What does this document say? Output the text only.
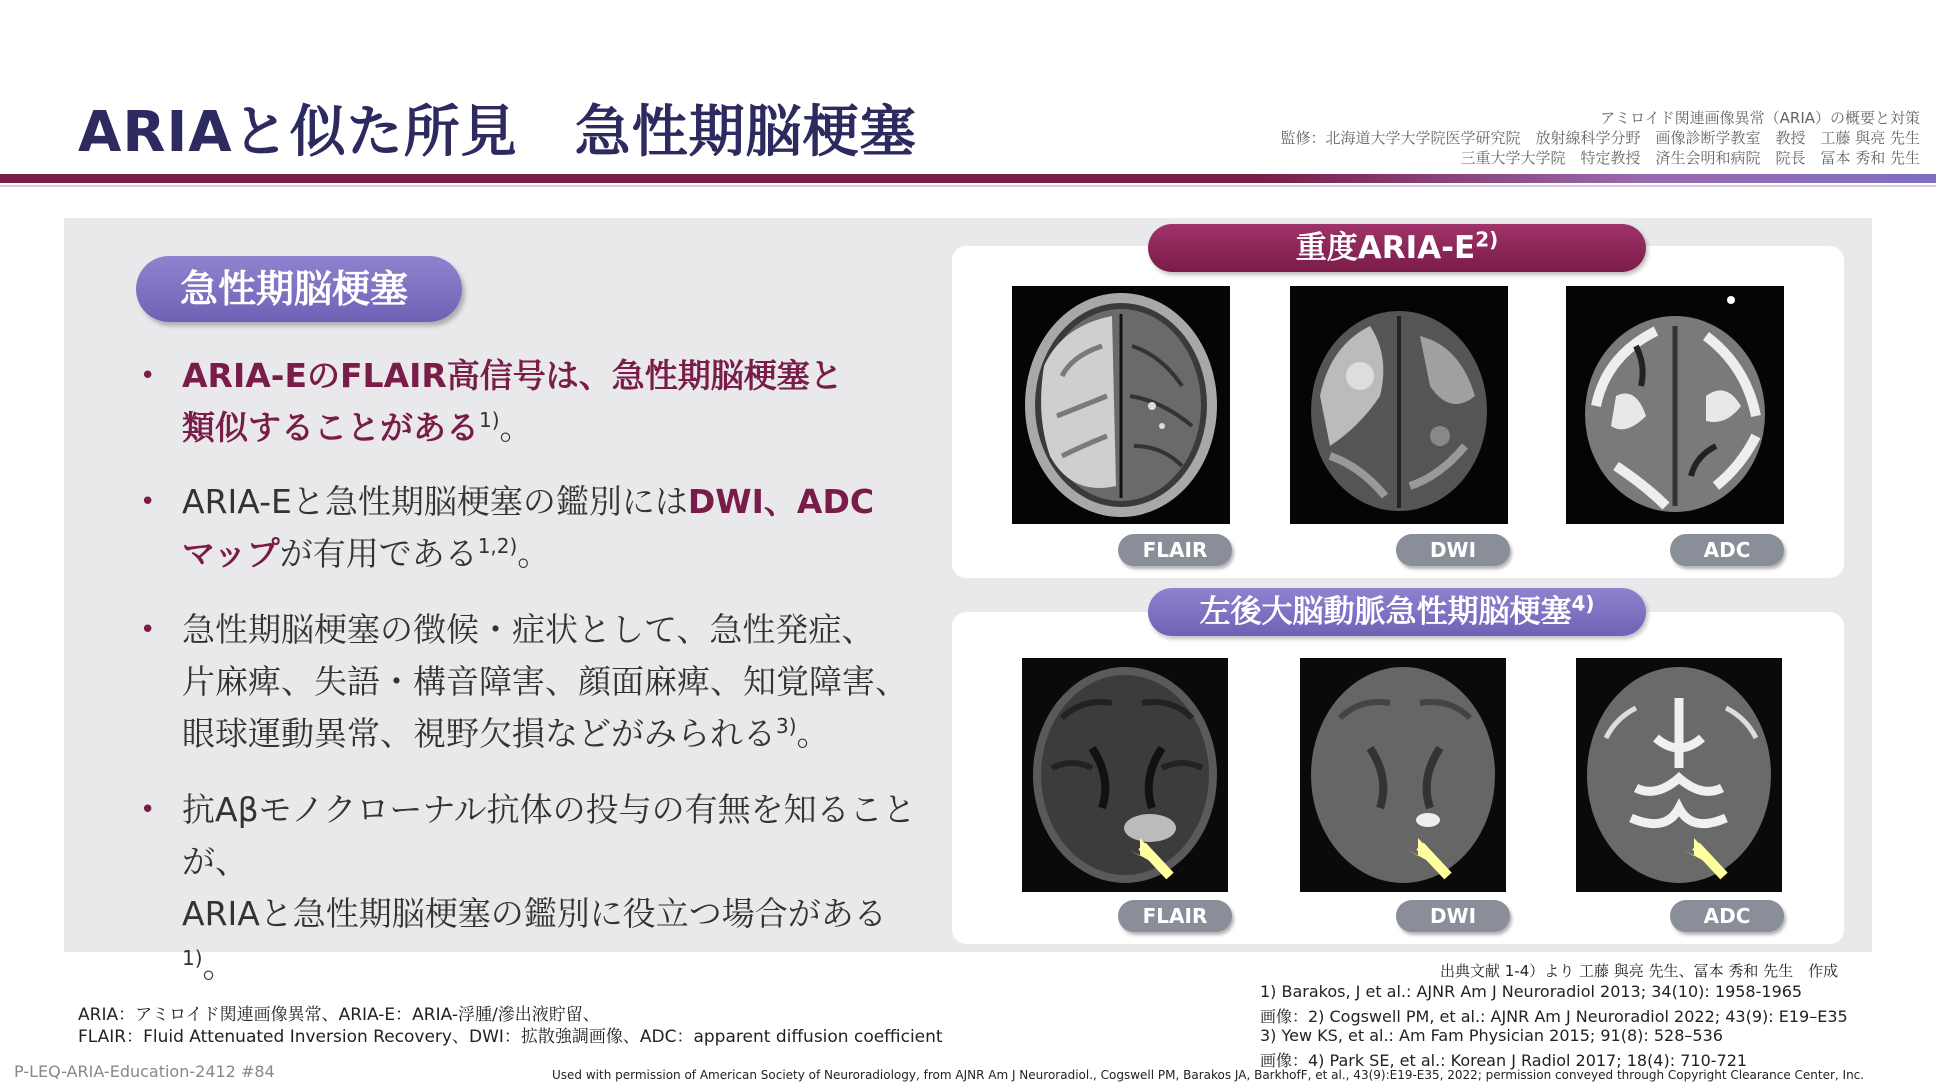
ARIAと似た所見　急性期脳梗塞	アミロイド関連画像異常（ARIA）の概要と対策
監修：北海道大学大学院医学研究院　放射線科学分野　画像診断学教室　教授　工藤 與亮 先生
三重大学大学院　特定教授　済生会明和病院　院長　冨本 秀和 先生
急性期脳梗塞
• ARIA-EのFLAIR高信号は、急性期脳梗塞と
類似することがある$^{1)}$。
• ARIA-Eと急性期脳梗塞の鑑別にはDWI、ADC
マップが有用である$^{1,2)}$。
• 急性期脳梗塞の徴候・症状として、急性発症、
片麻痺、失語・構音障害、顔面麻痺、知覚障害、
眼球運動異常、視野欠損などがみられる$^{3)}$。
• 抗Aβモノクローナル抗体の投与の有無を知ることが、
ARIAと急性期脳梗塞の鑑別に役立つ場合がある$^{1)}$。
重度ARIA-$E^{2)}$
FLAIR	DWI	ADC
左後大脳動脈急性期脳梗塞$^{4)}$
FLAIR	DWI	ADC
出典文献 1-4）より 工藤 與亮 先生、冨本 秀和 先生　作成
1) Barakos, J et al.: AJNR Am J Neuroradiol 2013; 34(10): 1958-1965
画像：2) Cogswell PM, et al.: AJNR Am J Neuroradiol 2022; 43(9): E19–E35
3) Yew KS, et al.: Am Fam Physician 2015; 91(8): 528–536
画像：4) Park SE, et al.: Korean J Radiol 2017; 18(4): 710-721
ARIA：アミロイド関連画像異常、ARIA-E：ARIA-浮腫/滲出液貯留、
FLAIR：Fluid Attenuated Inversion Recovery、DWI：拡散強調画像、ADC：apparent diffusion coefficient
P-LEQ-ARIA-Education-2412 #84	Used with permission of American Society of Neuroradiology, from AJNR Am J Neuroradiol., Cogswell PM, Barakos JA, BarkhofF, et al., 43(9):E19-E35, 2022; permission conveyed through Copyright Clearance Center, Inc.
